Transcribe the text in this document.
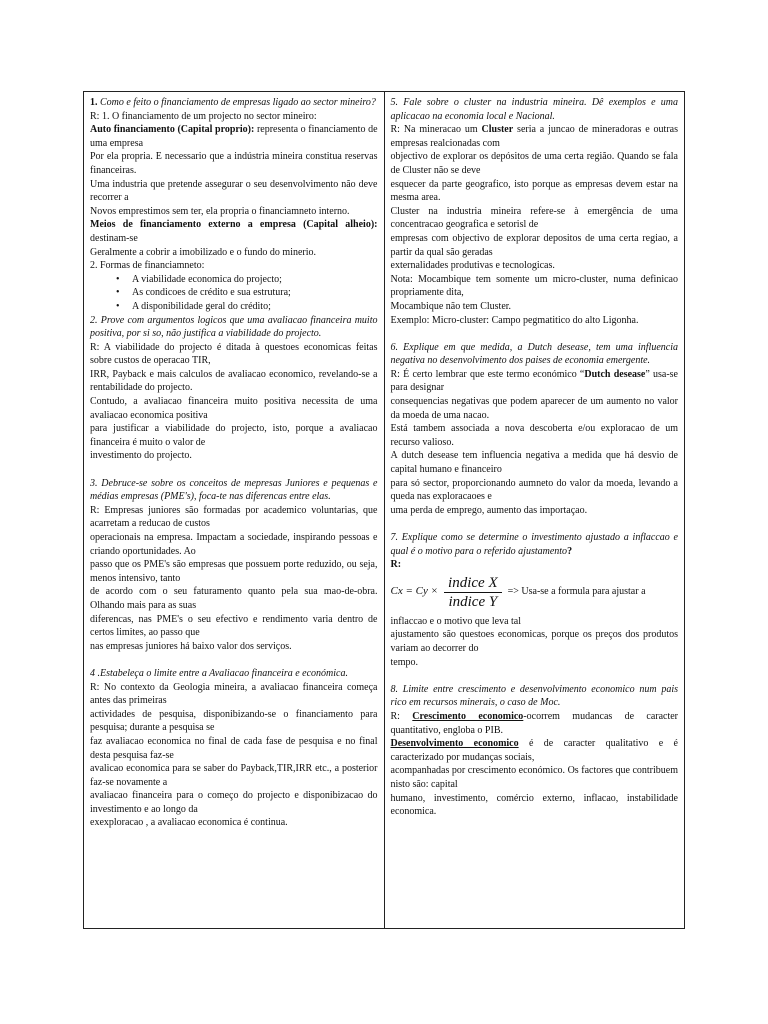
1. Como e feito o financiamento de empresas ligado ao sector mineiro?

R: 1. O financiamento de um projecto no sector mineiro:

Auto financiamento (Capital proprio): representa o financiamento de uma empresa

Por ela propria. E necessario que a indústria mineira constitua reservas financeiras.

Uma industria que pretende assegurar o seu desenvolvimento não deve recorrer a

Novos emprestimos sem ter, ela propria o financiamneto interno.

Meios de financiamento externo a empresa (Capital alheio): destinam-se

Geralmente a cobrir a imobilizado e o fundo do minerio.

2. Formas de financiamneto:

• A viabilidade economica do projecto;
• As condicoes de crédito e sua estrutura;
• A disponibilidade geral do crédito;

2. Prove com argumentos logicos que uma avaliacao financeira muito positiva, por si so, não justifica a viabilidade do projecto.

R: A viabilidade do projecto é ditada à questoes economicas feitas sobre custos de operacao TIR,

IRR, Payback e mais calculos de avaliacao economico, revelando-se a rentabilidade do projecto.

Contudo, a avaliacao financeira muito positiva necessita de uma avaliacao economica positiva

para justificar a viabilidade do projecto, isto, porque a avaliacao financeira é muito o valor de

investimento do projecto.

3. Debruce-se sobre os conceitos de mepresas Juniores e pequenas e médias empresas (PME's), foca-te nas diferencas entre elas.

R: Empresas juniores são formadas por academico voluntarias, que acarretam a reducao de custos

operacionais na empresa. Impactam a sociedade, inspirando pessoas e criando oportunidades. Ao

passo que os PME's são empresas que possuem porte reduzido, ou seja, menos intensivo, tanto

de acordo com o seu faturamento quanto pela sua mao-de-obra. Olhando mais para as suas

diferencas, nas PME's o seu efectivo e rendimento varia dentro de certos limites, ao passo que

nas empresas juniores há baixo valor dos serviços.

4 .Estabeleça o limite entre a Avaliacao financeira e económica.

R: No contexto da Geologia mineira, a avaliacao financeira começa antes das primeiras

actividades de pesquisa, disponibizando-se o financiamento para pesquisa; durante a pesquisa se

faz avaliacao economica no final de cada fase de pesquisa e no final desta pesquisa faz-se

avalicao economica para se saber do Payback,TIR,IRR etc., a posterior faz-se novamente a

avaliacao financeira para o começo do projecto e disponibizacao do investimento e ao longo da

exexploracao , a avaliacao economica é continua.

5. Fale sobre o cluster na industria mineira. Dê exemplos e uma aplicacao na economia local e Nacional.

R: Na mineracao um Cluster seria a juncao de mineradoras e outras empresas realcionadas com

objectivo de explorar os depósitos de uma certa região. Quando se fala de Cluster não se deve

esquecer da parte geografico, isto porque as empresas devem estar na mesma area.

Cluster na industria mineira refere-se à emergência de uma concentracao geografica e setorisl de

empresas com objectivo de explorar depositos de uma certa regiao, a partir da qual são geradas

externalidades produtivas e tecnologicas.

Nota: Mocambique tem somente um micro-cluster, numa definicao propriamente dita,

Mocambique não tem Cluster.

Exemplo: Micro-cluster: Campo pegmatitico do alto Ligonha.

6. Explique em que medida, a Dutch desease, tem uma influencia negativa no desenvolvimento dos paises de economia emergente.

R: É certo lembrar que este termo económico “Dutch desease” usa-se para designar

consequencias negativas que podem aparecer de um aumento no valor da moeda de uma nacao.

Está tambem associada a nova descoberta e/ou exploracao de um recurso valioso.

A dutch desease tem influencia negativa a medida que há desvio de capital humano e financeiro

para só sector, proporcionando aumneto do valor da moeda, levando a queda nas exploracaoes e

uma perda de emprego, aumento das importaçao.

7. Explique como se determine o investimento ajustado a inflaccao e qual é o motivo para o referido ajustamento?

R:

$Cx = Cy \times \frac{\text{indice X}}{\text{indice Y}} => Usa-se$ a formula para ajustar a

inflaccao e o motivo que leva tal

ajustamento são questoes economicas, porque os preços dos produtos variam ao decorrer do

tempo.

8. Limite entre crescimento e desenvolvimento economico num pais rico em recursos minerais, o caso de Moc.

R: Crescimento economico-ocorrem mudancas de caracter quantitativo, engloba o PIB.

Desenvolvimento economico é de caracter qualitativo e é caracterizado por mudanças sociais,

acompanhadas por crescimento económico. Os factores que contribuem nisto são: capital

humano, investimento, comércio externo, inflacao, instabilidade economica.
